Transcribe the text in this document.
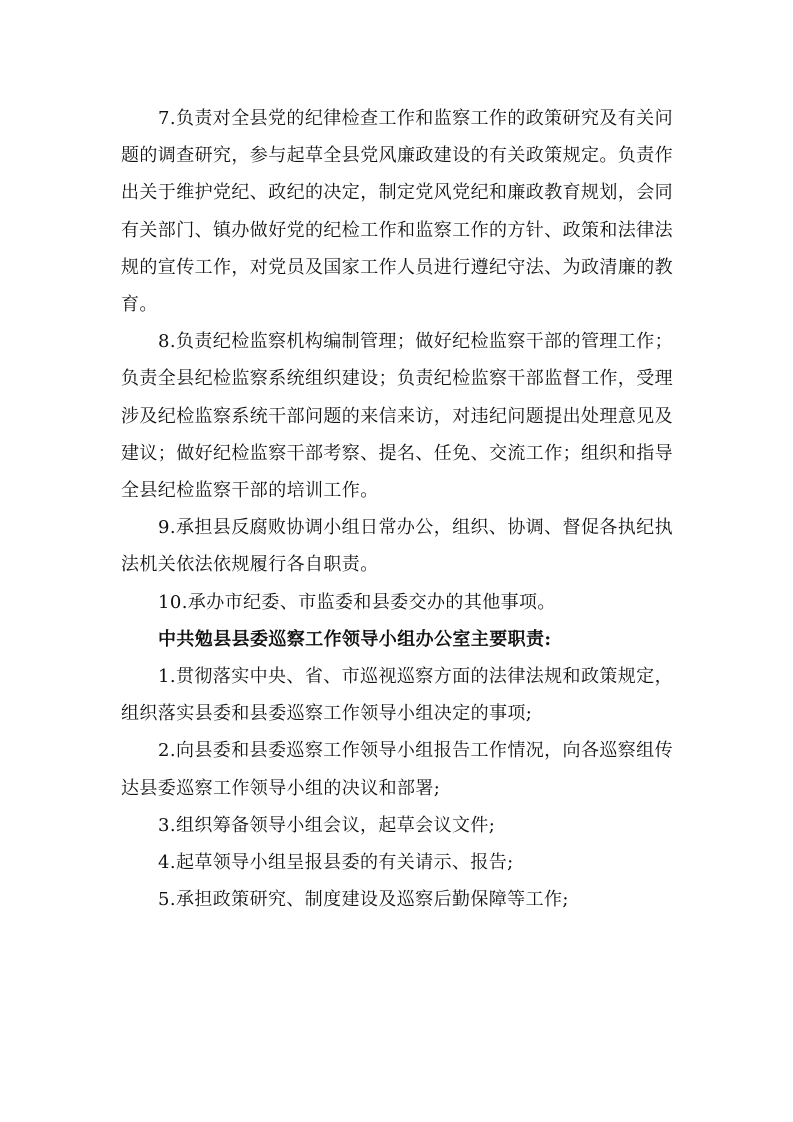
7.负责对全县党的纪律检查工作和监察工作的政策研究及有关问题的调查研究，参与起草全县党风廉政建设的有关政策规定。负责作出关于维护党纪、政纪的决定，制定党风党纪和廉政教育规划，会同有关部门、镇办做好党的纪检工作和监察工作的方针、政策和法律法规的宣传工作，对党员及国家工作人员进行遵纪守法、为政清廉的教育。

8.负责纪检监察机构编制管理；做好纪检监察干部的管理工作；负责全县纪检监察系统组织建设；负责纪检监察干部监督工作，受理涉及纪检监察系统干部问题的来信来访，对违纪问题提出处理意见及建议；做好纪检监察干部考察、提名、任免、交流工作；组织和指导全县纪检监察干部的培训工作。

9.承担县反腐败协调小组日常办公，组织、协调、督促各执纪执法机关依法依规履行各自职责。

10.承办市纪委、市监委和县委交办的其他事项。

中共勉县县委巡察工作领导小组办公室主要职责:

1.贯彻落实中央、省、市巡视巡察方面的法律法规和政策规定，组织落实县委和县委巡察工作领导小组决定的事项;

2.向县委和县委巡察工作领导小组报告工作情况，向各巡察组传达县委巡察工作领导小组的决议和部署;

3.组织筹备领导小组会议，起草会议文件;

4.起草领导小组呈报县委的有关请示、报告;

5.承担政策研究、制度建设及巡察后勤保障等工作;
